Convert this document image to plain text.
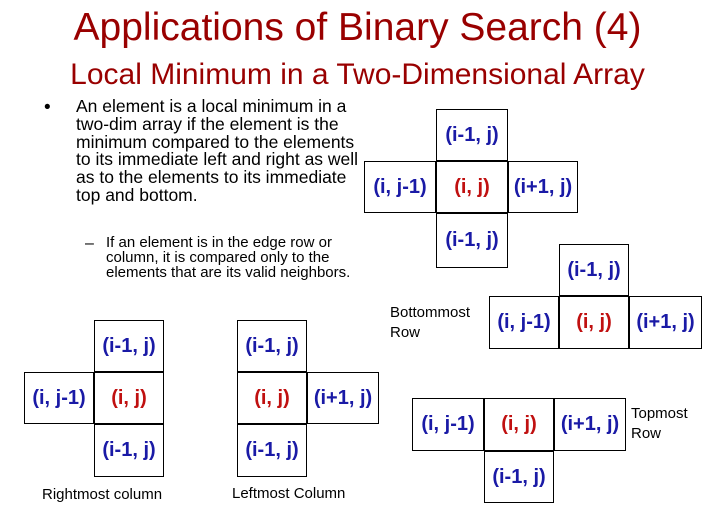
Applications of Binary Search (4)
Local Minimum in a Two-Dimensional Array
• An element is a local minimum in a two-dim array if the element is the minimum compared to the elements to its immediate left and right as well as to the elements to its immediate top and bottom.
– If an element is in the edge row or column, it is compared only to the elements that are its valid neighbors.
(i-1, j)
(i, j-1)	(i, j)	(i+1, j)
(i-1, j)
Bottommost
Row
(i-1, j)
(i, j-1)	(i, j)	(i+1, j)
(i-1, j)
(i, j-1)	(i, j)
(i-1, j)
Rightmost column
(i-1, j)
(i, j)	(i+1, j)
(i-1, j)
Leftmost Column
(i, j-1)	(i, j)	(i+1, j)
(i-1, j)
Topmost
Row
